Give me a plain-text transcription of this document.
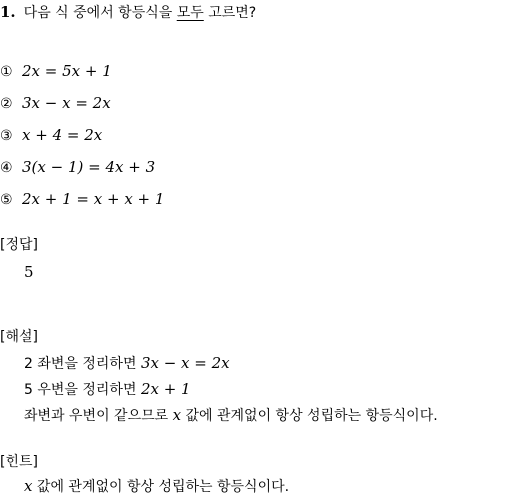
1. 다음 식 중에서 항등식을 모두 고르면?
① 2x = 5x + 1
② 3x − x = 2x
③ x + 4 = 2x
④ 3(x − 1) = 4x + 3
⑤ 2x + 1 = x + x + 1
[정답]
5
[해설]
2 좌변을 정리하면 3x − x = 2x
5 우변을 정리하면 2x + 1
좌변과 우변이 같으므로 x 값에 관계없이 항상 성립하는 항등식이다.
[힌트]
x 값에 관계없이 항상 성립하는 항등식이다.
